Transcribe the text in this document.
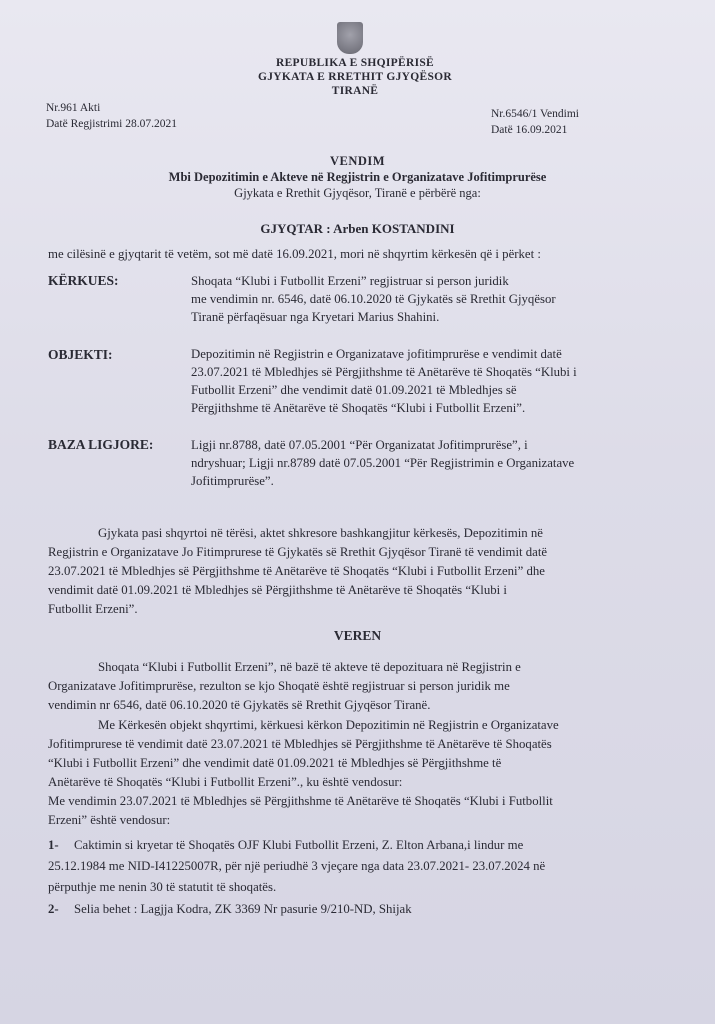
REPUBLIKA E SHQIPËRISË
GJYKATA E RRETHIT GJYQËSOR
TIRANË
Nr.961 Akti
Datë Regjistrimi 28.07.2021
Nr.6546/1 Vendimi
Datë 16.09.2021
VENDIM
Mbi Depozitimin e Akteve në Regjistrin e Organizatave Jofitimprurëse
Gjykata e Rrethit Gjyqësor, Tiranë e përbërë nga:
GJYQTAR : Arben KOSTANDINI
me cilësinë e gjyqtarit të vetëm, sot më datë 16.09.2021, mori në shqyrtim kërkesën që i përket :
KËRKUES:	Shoqata “Klubi i Futbollit Erzeni” regjistruar si person juridik
me vendimin nr. 6546, datë 06.10.2020 të Gjykatës së Rrethit Gjyqësor
Tiranë përfaqësuar nga Kryetari Marius Shahini.
OBJEKTI:	Depozitimin në Regjistrin e Organizatave jofitimprurëse e vendimit datë
23.07.2021 të Mbledhjes së Përgjithshme të Anëtarëve të Shoqatës “Klubi i
Futbollit Erzeni” dhe vendimit datë 01.09.2021 të Mbledhjes së
Përgjithshme të Anëtarëve të Shoqatës “Klubi i Futbollit Erzeni”.
BAZA LIGJORE:	Ligji nr.8788, datë 07.05.2001 “Për Organizatat Jofitimprurëse”, i
ndryshuar; Ligji nr.8789 datë 07.05.2001 “Për Regjistrimin e Organizatave
Jofitimprurëse”.
Gjykata pasi shqyrtoi në tërësi, aktet shkresore bashkangjitur kërkesës, Depozitimin në
Regjistrin e Organizatave Jo Fitimprurese të Gjykatës së Rrethit Gjyqësor Tiranë të vendimit datë
23.07.2021 të Mbledhjes së Përgjithshme të Anëtarëve të Shoqatës “Klubi i Futbollit Erzeni” dhe
vendimit datë 01.09.2021 të Mbledhjes së Përgjithshme të Anëtarëve të Shoqatës “Klubi i
Futbollit Erzeni”.
VEREN
Shoqata “Klubi i Futbollit Erzeni”, në bazë të akteve të depozituara në Regjistrin e
Organizatave Jofitimprurëse, rezulton se kjo Shoqatë është regjistruar si person juridik me
vendimin nr 6546, datë 06.10.2020 të Gjykatës së Rrethit Gjyqësor Tiranë.
Me Kërkesën objekt shqyrtimi, kërkuesi kërkon Depozitimin në Regjistrin e Organizatave
Jofitimprurese të vendimit datë 23.07.2021 të Mbledhjes së Përgjithshme të Anëtarëve të Shoqatës
“Klubi i Futbollit Erzeni” dhe vendimit datë 01.09.2021 të Mbledhjes së Përgjithshme të
Anëtarëve të Shoqatës “Klubi i Futbollit Erzeni”., ku është vendosur:
Me vendimin 23.07.2021 të Mbledhjes së Përgjithshme të Anëtarëve të Shoqatës “Klubi i Futbollit
Erzeni” është vendosur:
1- Caktimin si kryetar të Shoqatës OJF Klubi Futbollit Erzeni, Z. Elton Arbana,i lindur me
25.12.1984 me NID-I41225007R, për një periudhë 3 vjeçare nga data 23.07.2021- 23.07.2024 në
përputhje me nenin 30 të statutit të shoqatës.
2- Selia behet : Lagjja Kodra, ZK 3369 Nr pasurie 9/210-ND, Shijak
